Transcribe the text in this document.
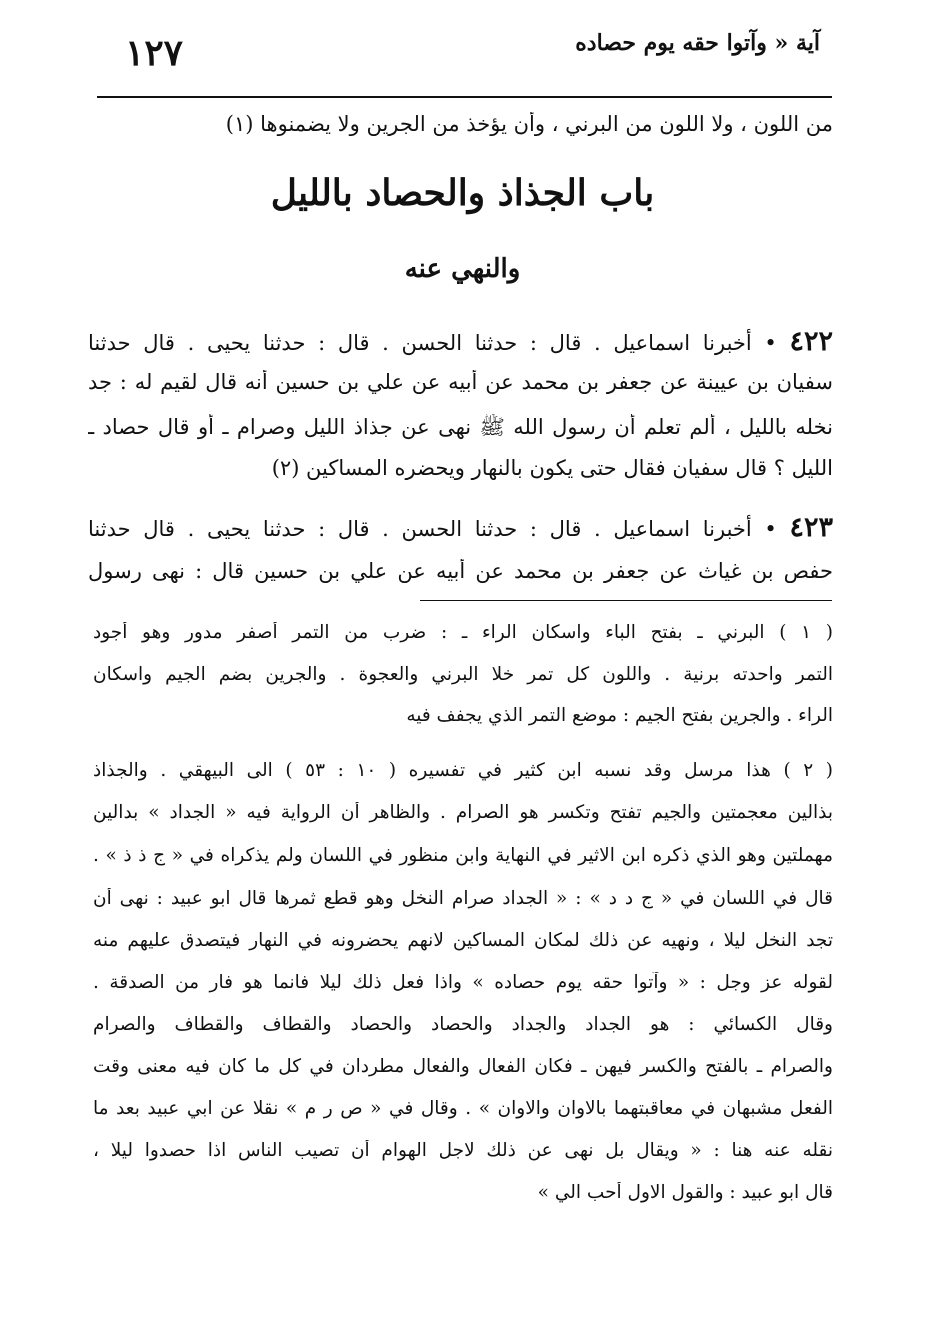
آية « وآتوا حقه يوم حصاده
١٢٧
من اللون ، ولا اللون من البرني ، وأن يؤخذ من الجرين ولا يضمنوها (١)
باب الجذاذ والحصاد بالليل
والنهي عنه
٤٢٢ • أخبرنا اسماعيل . قال : حدثنا الحسن . قال : حدثنا يحيى . قال حدثنا
سفيان بن عيينة عن جعفر بن محمد عن أبيه عن علي بن حسين أنه قال لقيم له : جد
نخله بالليل ، ألم تعلم أن رسول الله ﷺ نهى عن جذاذ الليل وصرام ـ أو قال حصاد ـ
الليل ؟ قال سفيان فقال حتى يكون بالنهار ويحضره المساكين (٢)
٤٢٣ • أخبرنا اسماعيل . قال : حدثنا الحسن . قال : حدثنا يحيى . قال حدثنا
حفص بن غياث عن جعفر بن محمد عن أبيه عن علي بن حسين قال : نهى رسول
( ١ ) البرني ـ بفتح الباء واسكان الراء ـ : ضرب من التمر أصفر مدور وهو أجود
التمر واحدته برنية . واللون كل تمر خلا البرني والعجوة . والجرين بضم الجيم واسكان
الراء . والجرين بفتح الجيم : موضع التمر الذي يجفف فيه
( ٢ ) هذا مرسل وقد نسبه ابن كثير في تفسيره ( ١٠ : ٥٣ ) الى البيهقي . والجذاذ
بذالين معجمتين والجيم تفتح وتكسر هو الصرام . والظاهر أن الرواية فيه « الجداد » بدالين
مهملتين وهو الذي ذكره ابن الاثير في النهاية وابن منظور في اللسان ولم يذكراه في « ج ذ ذ » .
قال في اللسان في « ج د د » : « الجداد صرام النخل وهو قطع ثمرها قال ابو عبيد : نهى أن
تجد النخل ليلا ، ونهيه عن ذلك لمكان المساكين لانهم يحضرونه في النهار فيتصدق عليهم منه
لقوله عز وجل : « وآتوا حقه يوم حصاده » واذا فعل ذلك ليلا فانما هو فار من الصدقة .
وقال الكسائي : هو الجداد والجداد والحصاد والحصاد والقطاف والقطاف والصرام
والصرام ـ بالفتح والكسر فيهن ـ فكان الفعال والفعال مطردان في كل ما كان فيه معنى وقت
الفعل مشبهان في معاقبتهما بالاوان والاوان » . وقال في « ص ر م » نقلا عن ابي عبيد بعد ما
نقله عنه هنا : « ويقال بل نهى عن ذلك لاجل الهوام أن تصيب الناس اذا حصدوا ليلا ،
قال ابو عبيد : والقول الاول أحب الي »
